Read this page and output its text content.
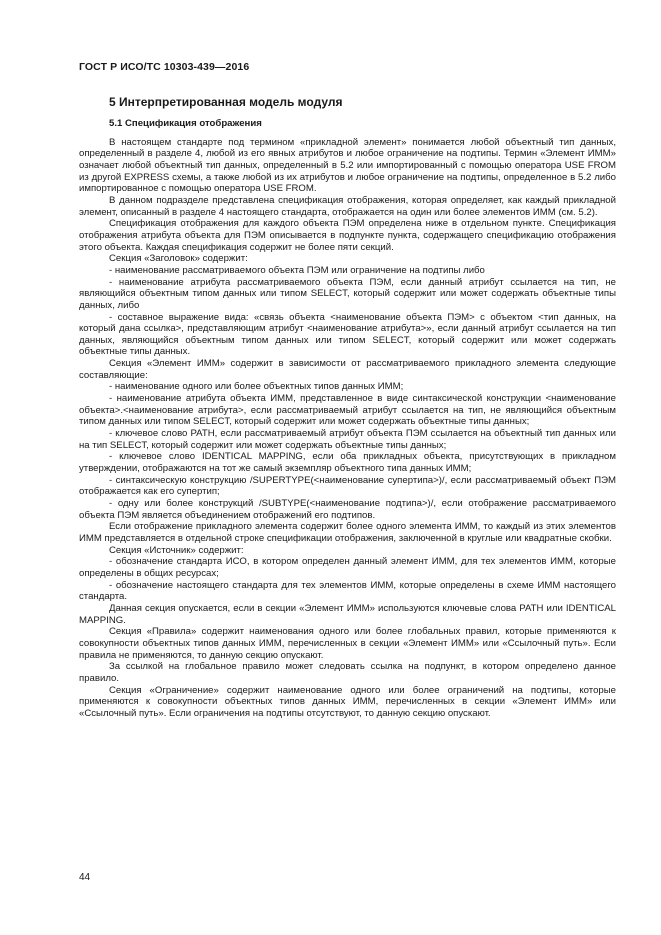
ГОСТ Р ИСО/ТС 10303-439—2016
5 Интерпретированная модель модуля
5.1 Спецификация отображения

В настоящем стандарте под термином «прикладной элемент» понимается любой объектный тип данных, определенный в разделе 4, любой из его явных атрибутов и любое ограничение на подтипы. Термин «Элемент ИММ» означает любой объектный тип данных, определенный в 5.2 или импортированный с помощью оператора USE FROM из другой EXPRESS схемы, а также любой из их атрибутов и любое ограничение на подтипы, определенное в 5.2 либо импортированное с помощью оператора USE FROM.

В данном подразделе представлена спецификация отображения, которая определяет, как каждый прикладной элемент, описанный в разделе 4 настоящего стандарта, отображается на один или более элементов ИММ (см. 5.2).

Спецификация отображения для каждого объекта ПЭМ определена ниже в отдельном пункте. Спецификация отображения атрибута объекта для ПЭМ описывается в подпункте пункта, содержащего спецификацию отображения этого объекта. Каждая спецификация содержит не более пяти секций.

Секция «Заголовок» содержит:

- наименование рассматриваемого объекта ПЭМ или ограничение на подтипы либо

- наименование атрибута рассматриваемого объекта ПЭМ, если данный атрибут ссылается на тип, не являющийся объектным типом данных или типом SELECT, который содержит или может содержать объектные типы данных, либо

- составное выражение вида: «связь объекта <наименование объекта ПЭМ> с объектом <тип данных, на который дана ссылка>, представляющим атрибут <наименование атрибута>», если данный атрибут ссылается на тип данных, являющийся объектным типом данных или типом SELECT, который содержит или может содержать объектные типы данных.

Секция «Элемент ИММ» содержит в зависимости от рассматриваемого прикладного элемента следующие составляющие:

- наименование одного или более объектных типов данных ИММ;

- наименование атрибута объекта ИММ, представленное в виде синтаксической конструкции <наименование объекта>.<наименование атрибута>, если рассматриваемый атрибут ссылается на тип, не являющийся объектным типом данных или типом SELECT, который содержит или может содержать объектные типы данных;

- ключевое слово PATH, если рассматриваемый атрибут объекта ПЭМ ссылается на объектный тип данных или на тип SELECT, который содержит или может содержать объектные типы данных;

- ключевое слово IDENTICAL MAPPING, если оба прикладных объекта, присутствующих в прикладном утверждении, отображаются на тот же самый экземпляр объектного типа данных ИММ;

- синтаксическую конструкцию /SUPERTYPE(<наименование супертипа>)/, если рассматриваемый объект ПЭМ отображается как его супертип;

- одну или более конструкций /SUBTYPE(<наименование подтипа>)/, если отображение рассматриваемого объекта ПЭМ является объединением отображений его подтипов.

Если отображение прикладного элемента содержит более одного элемента ИММ, то каждый из этих элементов ИММ представляется в отдельной строке спецификации отображения, заключенной в круглые или квадратные скобки.

Секция «Источник» содержит:

- обозначение стандарта ИСО, в котором определен данный элемент ИММ, для тех элементов ИММ, которые определены в общих ресурсах;

- обозначение настоящего стандарта для тех элементов ИММ, которые определены в схеме ИММ настоящего стандарта.

Данная секция опускается, если в секции «Элемент ИММ» используются ключевые слова PATH или IDENTICAL MAPPING.

Секция «Правила» содержит наименования одного или более глобальных правил, которые применяются к совокупности объектных типов данных ИММ, перечисленных в секции «Элемент ИММ» или «Ссылочный путь». Если правила не применяются, то данную секцию опускают.

За ссылкой на глобальное правило может следовать ссылка на подпункт, в котором определено данное правило.

Секция «Ограничение» содержит наименование одного или более ограничений на подтипы, которые применяются к совокупности объектных типов данных ИММ, перечисленных в секции «Элемент ИММ» или «Ссылочный путь». Если ограничения на подтипы отсутствуют, то данную секцию опускают.

44
